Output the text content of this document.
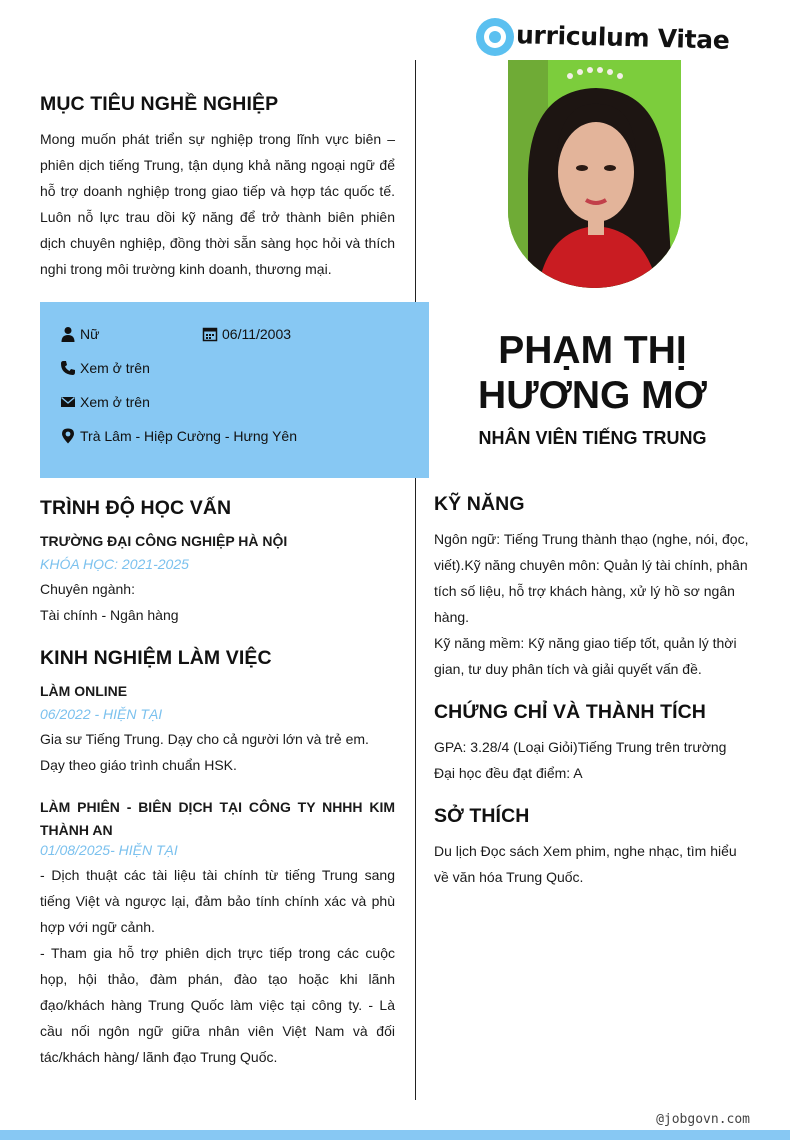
urriculum Vitae
MỤC TIÊU NGHỀ NGHIỆP

Mong muốn phát triển sự nghiệp trong lĩnh vực biên – phiên dịch tiếng Trung, tận dụng khả năng ngoại ngữ để hỗ trợ doanh nghiệp trong giao tiếp và hợp tác quốc tế. Luôn nỗ lực trau dồi kỹ năng để trở thành biên phiên dịch chuyên nghiệp, đồng thời sẵn sàng học hỏi và thích nghi trong môi trường kinh doanh, thương mại.

Nữ	06/11/2003
Xem ở trên
Xem ở trên
Trà Lâm - Hiệp Cường - Hưng Yên
PHẠM THỊ HƯƠNG MƠ
NHÂN VIÊN TIẾNG TRUNG
TRÌNH ĐỘ HỌC VẤN
TRƯỜNG ĐẠI CÔNG NGHIỆP HÀ NỘI
KHÓA HỌC: 2021-2025

Chuyên ngành:

Tài chính - Ngân hàng

KINH NGHIỆM LÀM VIỆC
LÀM ONLINE
06/2022 - HIỆN TẠI

Gia sư Tiếng Trung. Dạy cho cả người lớn và trẻ em.
Dạy theo giáo trình chuẩn HSK.

LÀM PHIÊN - BIÊN DỊCH TẠI CÔNG TY NHHH KIM THÀNH AN
01/08/2025- HIỆN TẠI

- Dịch thuật các tài liệu tài chính từ tiếng Trung sang tiếng Việt và ngược lại, đảm bảo tính chính xác và phù hợp với ngữ cảnh.
- Tham gia hỗ trợ phiên dịch trực tiếp trong các cuộc họp, hội thảo, đàm phán, đào tạo hoặc khi lãnh đạo/khách hàng Trung Quốc làm việc tại công ty. - Là cầu nối ngôn ngữ giữa nhân viên Việt Nam và đối tác/khách hàng/ lãnh đạo Trung Quốc.

KỸ NĂNG

Ngôn ngữ: Tiếng Trung thành thạo (nghe, nói, đọc, viết).Kỹ năng chuyên môn: Quản lý tài chính, phân tích số liệu, hỗ trợ khách hàng, xử lý hồ sơ ngân hàng.
Kỹ năng mềm: Kỹ năng giao tiếp tốt, quản lý thời gian, tư duy phân tích và giải quyết vấn đề.

CHỨNG CHỈ VÀ THÀNH TÍCH

GPA: 3.28/4 (Loại Giỏi)Tiếng Trung trên trường Đại học đều đạt điểm: A

SỞ THÍCH

Du lịch Đọc sách Xem phim, nghe nhạc, tìm hiểu về văn hóa Trung Quốc.

@jobgovn.com
